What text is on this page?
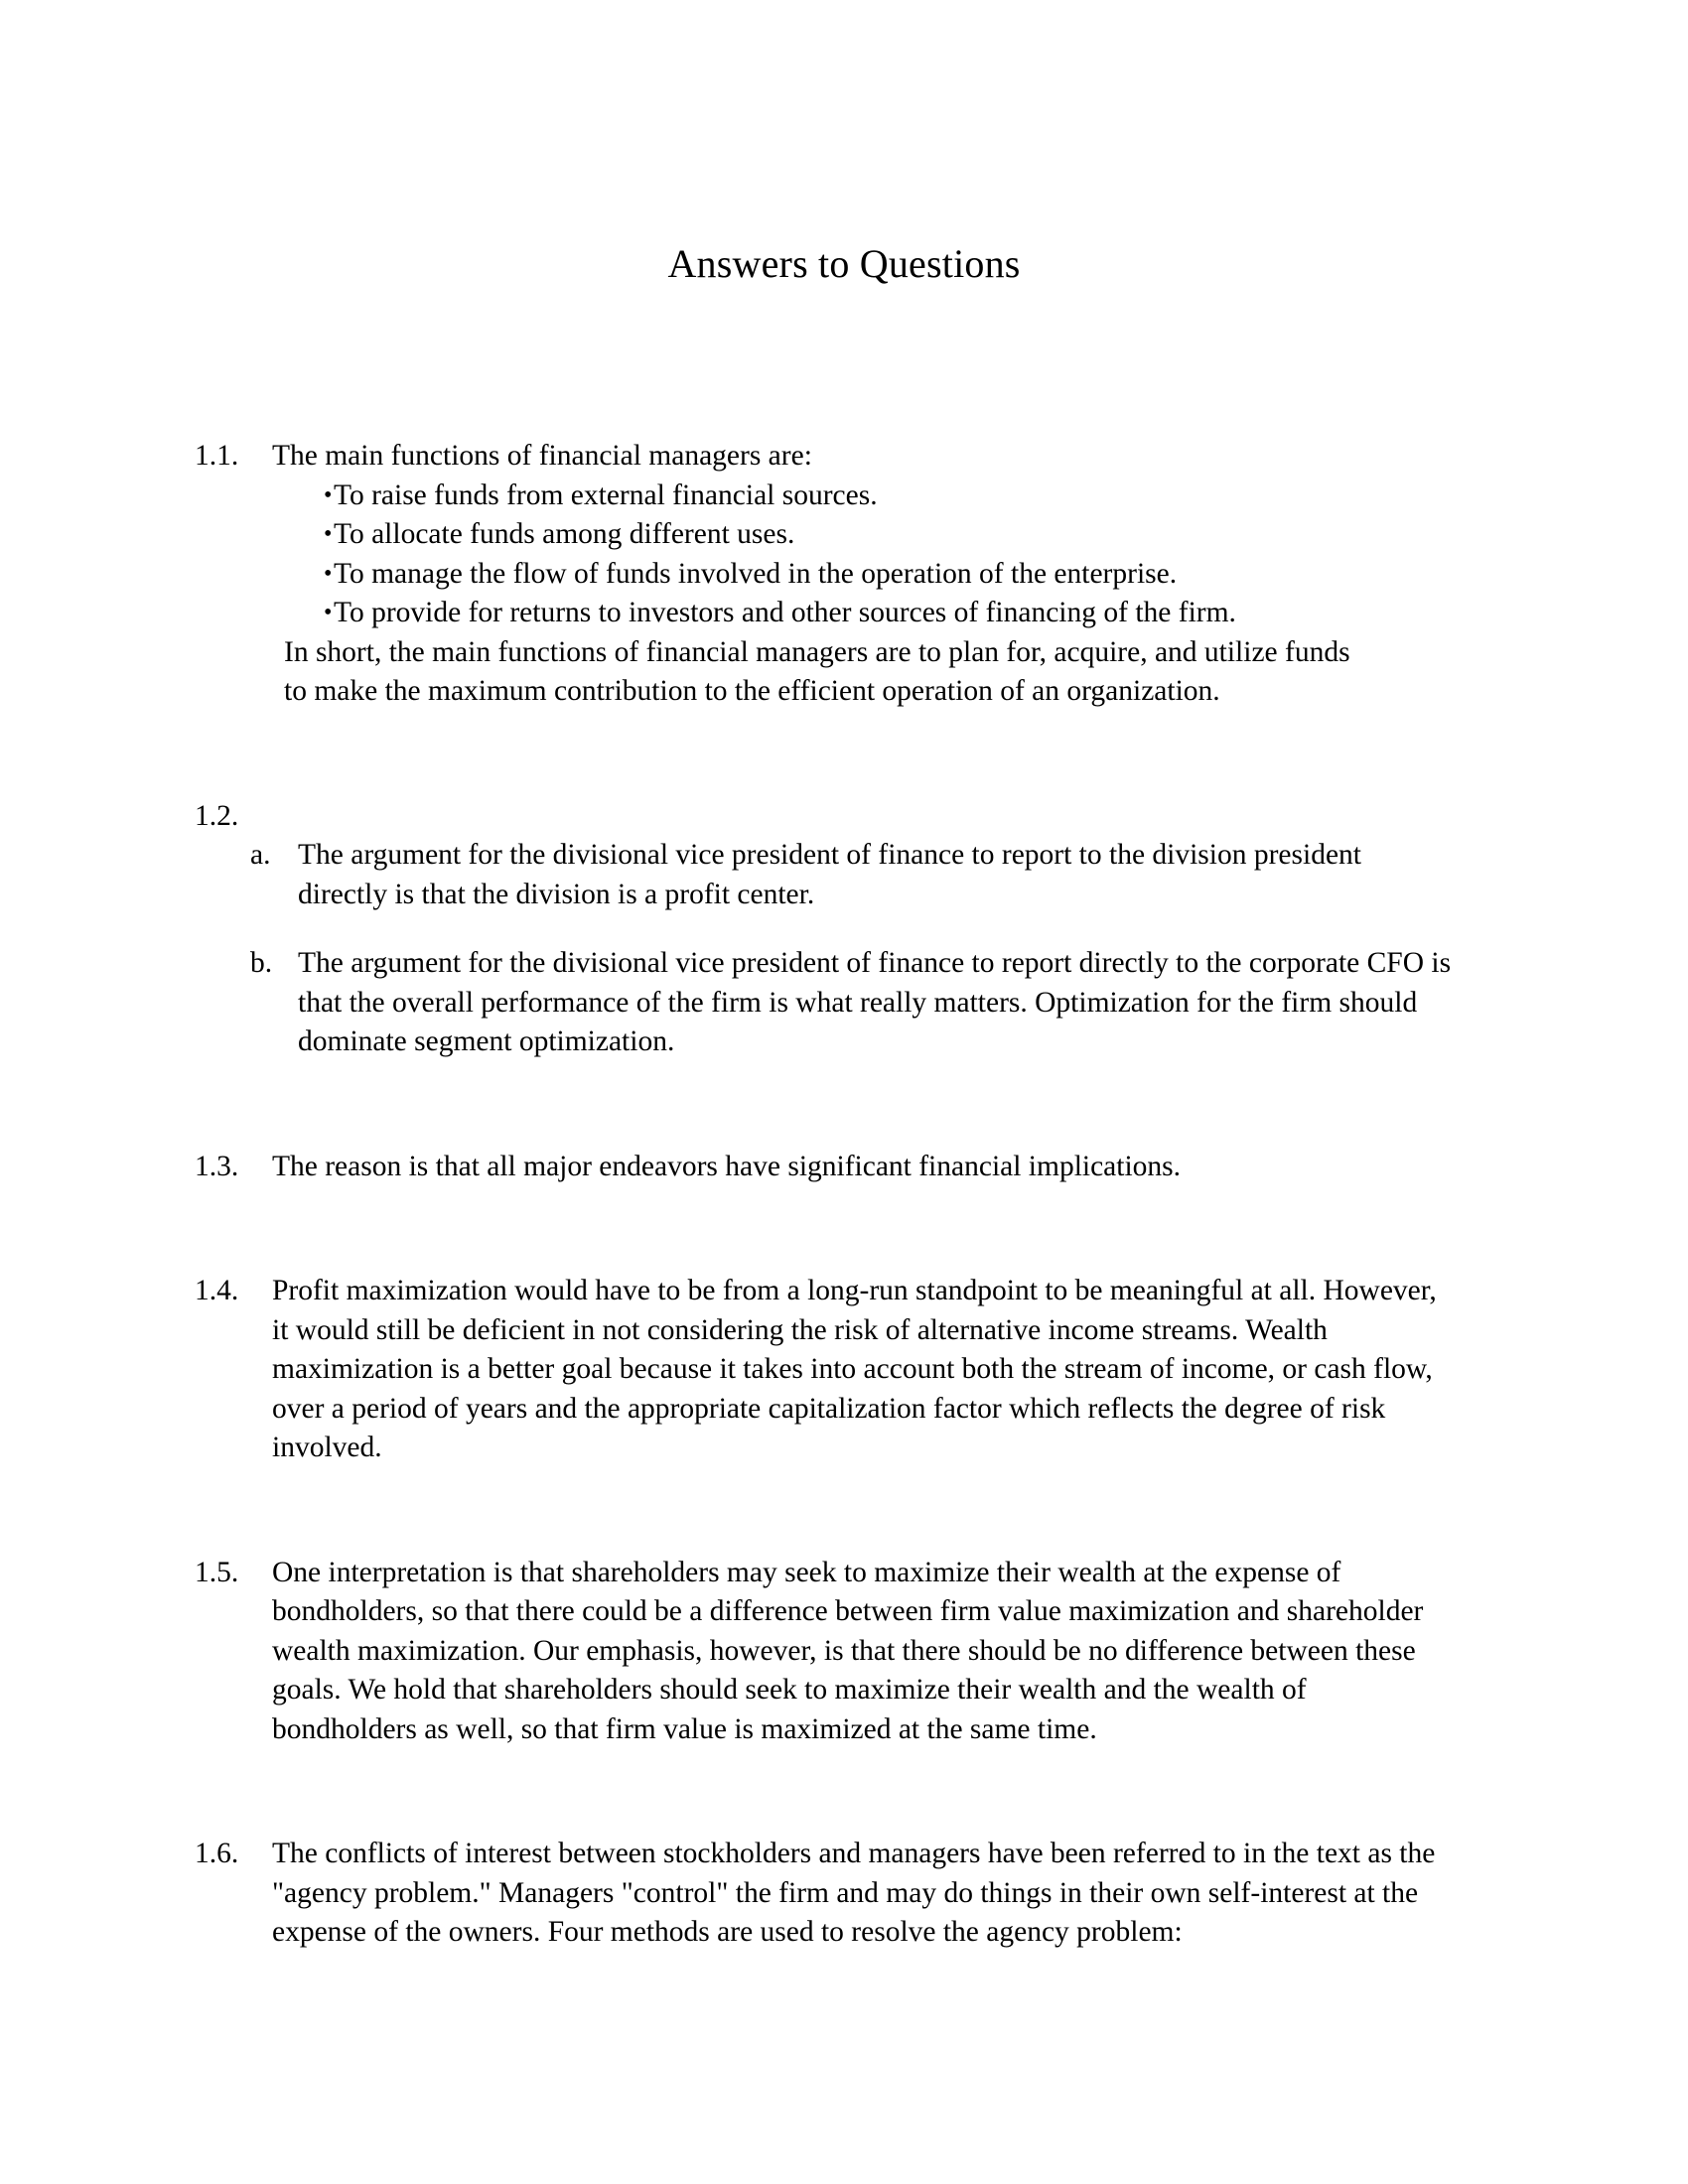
Answers to Questions
1.1.	The main functions of financial managers are:

• To raise funds from external financial sources.
• To allocate funds among different uses.
• To manage the flow of funds involved in the operation of the enterprise.
• To provide for returns to investors and other sources of financing of the firm.

In short, the main functions of financial managers are to plan for, acquire, and utilize funds
to make the maximum contribution to the efficient operation of an organization.

1.2.

a. The argument for the divisional vice president of finance to report to the division president directly is that the division is a profit center.
b. The argument for the divisional vice president of finance to report directly to the corporate CFO is that the overall performance of the firm is what really matters. Optimization for the firm should dominate segment optimization.
1.3.	The reason is that all major endeavors have significant financial implications.

1.4.	Profit maximization would have to be from a long-run standpoint to be meaningful at all. However, it would still be deficient in not considering the risk of alternative income streams. Wealth maximization is a better goal because it takes into account both the stream of income, or cash flow, over a period of years and the appropriate capitalization factor which reflects the degree of risk involved.

1.5.	One interpretation is that shareholders may seek to maximize their wealth at the expense of bondholders, so that there could be a difference between firm value maximization and shareholder wealth maximization. Our emphasis, however, is that there should be no difference between these goals. We hold that shareholders should seek to maximize their wealth and the wealth of bondholders as well, so that firm value is maximized at the same time.

1.6.	The conflicts of interest between stockholders and managers have been referred to in the text as the "agency problem." Managers "control" the firm and may do things in their own self-interest at the expense of the owners. Four methods are used to resolve the agency problem:
